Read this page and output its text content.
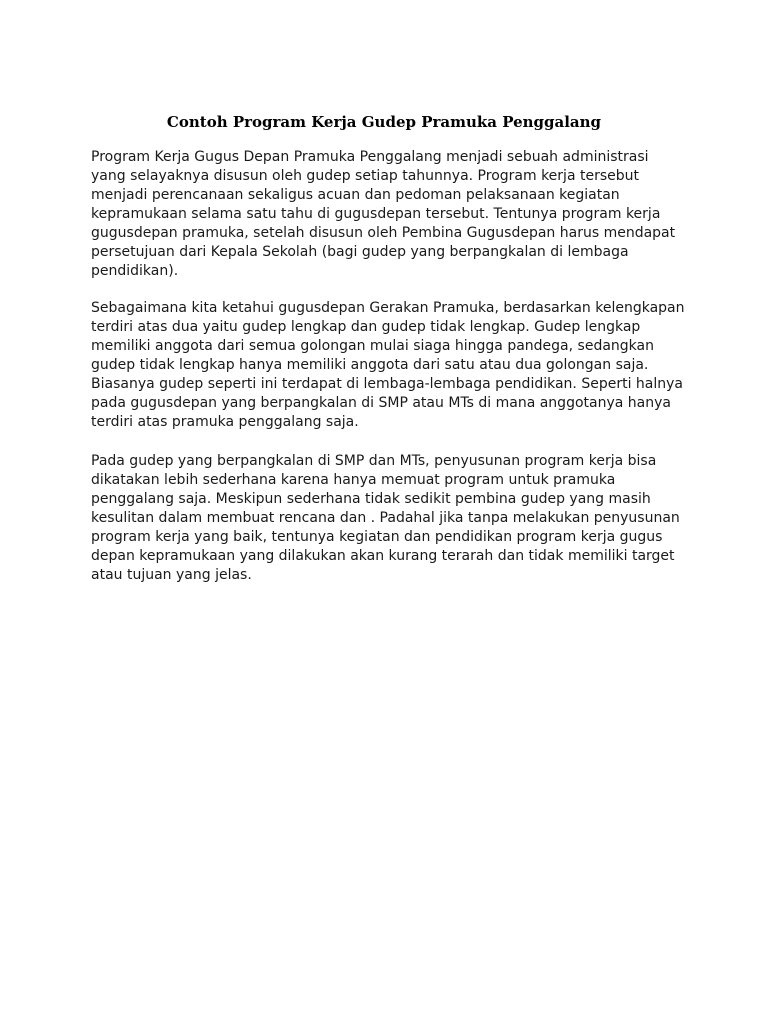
Contoh Program Kerja Gudep Pramuka Penggalang

Program Kerja Gugus Depan Pramuka Penggalang menjadi sebuah administrasi
yang selayaknya disusun oleh gudep setiap tahunnya. Program kerja tersebut
menjadi perencanaan sekaligus acuan dan pedoman pelaksanaan kegiatan
kepramukaan selama satu tahu di gugusdepan tersebut. Tentunya program kerja
gugusdepan pramuka, setelah disusun oleh Pembina Gugusdepan harus mendapat
persetujuan dari Kepala Sekolah (bagi gudep yang berpangkalan di lembaga
pendidikan).

Sebagaimana kita ketahui gugusdepan Gerakan Pramuka, berdasarkan kelengkapan
terdiri atas dua yaitu gudep lengkap dan gudep tidak lengkap. Gudep lengkap
memiliki anggota dari semua golongan mulai siaga hingga pandega, sedangkan
gudep tidak lengkap hanya memiliki anggota dari satu atau dua golongan saja.
Biasanya gudep seperti ini terdapat di lembaga-lembaga pendidikan. Seperti halnya
pada gugusdepan yang berpangkalan di SMP atau MTs di mana anggotanya hanya
terdiri atas pramuka penggalang saja.

Pada gudep yang berpangkalan di SMP dan MTs, penyusunan program kerja bisa
dikatakan lebih sederhana karena hanya memuat program untuk pramuka
penggalang saja. Meskipun sederhana tidak sedikit pembina gudep yang masih
kesulitan dalam membuat rencana dan . Padahal jika tanpa melakukan penyusunan
program kerja yang baik, tentunya kegiatan dan pendidikan program kerja gugus
depan kepramukaan yang dilakukan akan kurang terarah dan tidak memiliki target
atau tujuan yang jelas.
